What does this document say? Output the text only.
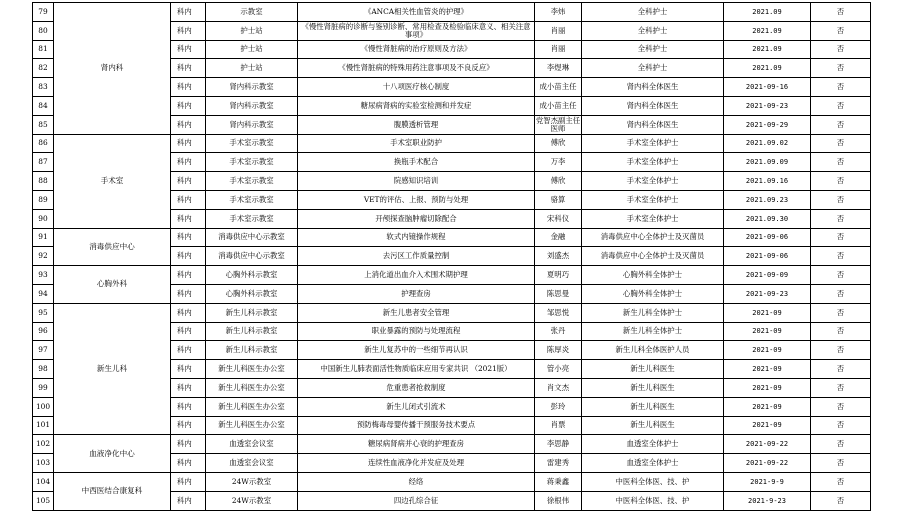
79	肾内科	科内	示教室	《ANCA相关性血管炎的护理》	李炜	全科护士	2021.09	否
80		科内	护士站	《慢性肾脏病的诊断与鉴别诊断、常用检查及检验临床意义、相关注意事项》	肖丽	全科护士	2021.09	否
81		科内	护士站	《慢性肾脏病的治疗原则及方法》	肖丽	全科护士	2021.09	否
82		科内	护士站	《慢性肾脏病的特殊用药注意事项及不良反应》	李煜琳	全科护士	2021.09	否
83		科内	肾内科示教室	十八项医疗核心制度	成小苗主任	肾内科全体医生	2021-09-16	否
84		科内	肾内科示教室	糖尿病肾病的实验室检测和并发症	成小苗主任	肾内科全体医生	2021-09-23	否
85		科内	肾内科示教室	腹膜透析管理	党智杰副主任医师	肾内科全体医生	2021-09-29	否
86	手术室	科内	手术室示教室	手术室职业防护	傅欣	手术室全体护士	2021.09.02	否
87		科内	手术室示教室	换瓶手术配合	万李	手术室全体护士	2021.09.09	否
88		科内	手术室示教室	院感知识培训	傅欣	手术室全体护士	2021.09.16	否
89		科内	手术室示教室	VET的评估、上报、预防与处理	骆算	手术室全体护士	2021.09.23	否
90		科内	手术室示教室	开颅探查脑肿瘤切除配合	宋科仪	手术室全体护士	2021.09.30	否
91	消毒供应中心	科内	消毒供应中心示教室	软式内镜操作规程	金融	消毒供应中心全体护士及灭菌员	2021-09-06	否
92		科内	消毒供应中心示教室	去污区工作质量控制	刘盛杰	消毒供应中心全体护士及灭菌员	2021-09-06	否
93	心胸外科	科内	心胸外科示教室	上消化道出血介入术围术期护理	夏明巧	心胸外科全体护士	2021-09-09	否
94		科内	心胸外科示教室	护理查房	陈思曼	心胸外科全体护士	2021-09-23	否
95	新生儿科	科内	新生儿科示教室	新生儿患者安全管理	邹思悦	新生儿科全体护士	2021-09	否
96		科内	新生儿科示教室	职业暴露的预防与处理流程	张丹	新生儿科全体护士	2021-09	否
97		科内	新生儿科示教室	新生儿复苏中的一些细节再认识	陈厚炎	新生儿科全体医护人员	2021-09	否
98		科内	新生儿科医生办公室	中国新生儿肺表面活性物质临床应用专家共识 （2021版）	管小亮	新生儿科医生	2021-09	否
99		科内	新生儿科医生办公室	危重患者抢救制度	肖文杰	新生儿科医生	2021-09	否
100		科内	新生儿科医生办公室	新生儿闭式引流术	彭玲	新生儿科医生	2021-09	否
101		科内	新生儿科医生办公室	预防梅毒母婴传播干预服务技术要点	肖票	新生儿科医生	2021-09	否
102	血液净化中心	科内	血透室会议室	糖尿病肾病并心衰的护理查房	李思静	血透室全体护士	2021-09-22	否
103		科内	血透室会议室	连续性血液净化并发症及处理	雷建秀	血透室全体护士	2021-09-22	否
104	中西医结合康复科	科内	24W示教室	经络	蒋秉鑫	中医科全体医、技、护	2021-9-9	否
105		科内	24W示教室	四边孔综合征	徐根伟	中医科全体医、技、护	2021-9-23	否
